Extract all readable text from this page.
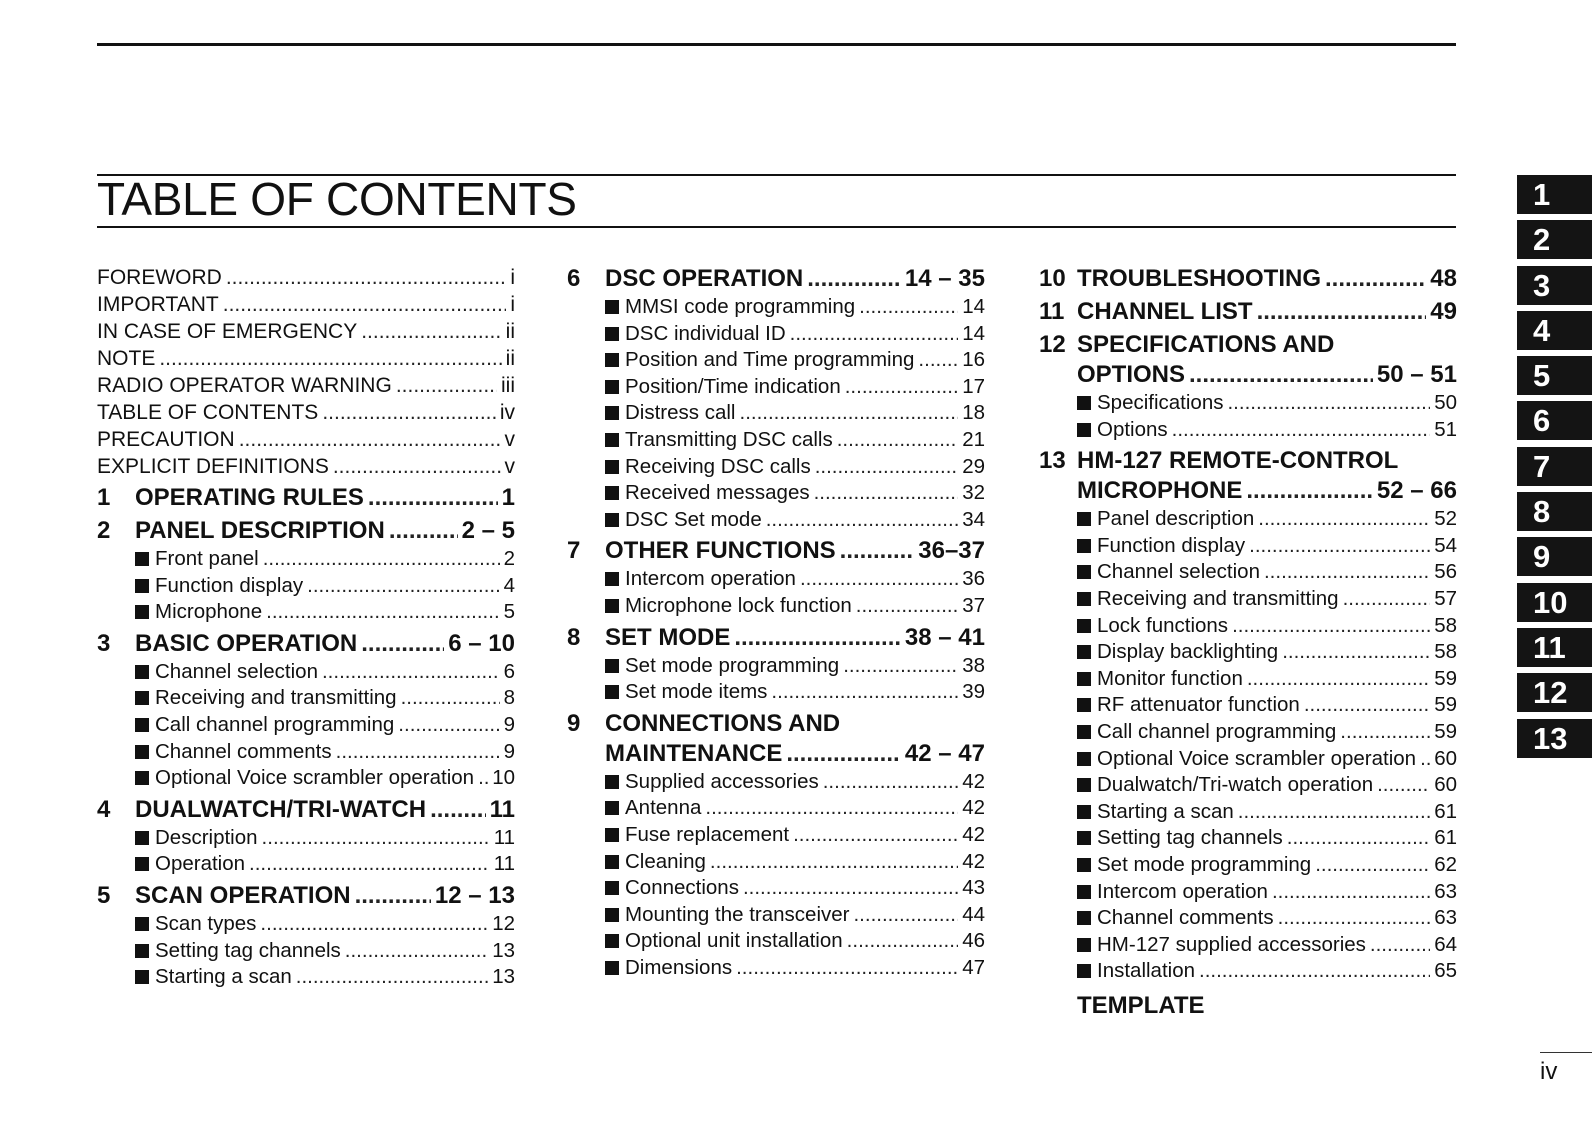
TABLE OF CONTENTS
FOREWORD .....	i
IMPORTANT .....	i
IN CASE OF EMERGENCY .....	ii
NOTE .....	ii
RADIO OPERATOR WARNING .....	iii
TABLE OF CONTENTS .....	iv
PRECAUTION .....	v
EXPLICIT DEFINITIONS .....	v
1	OPERATING RULES .....	1
2	PANEL DESCRIPTION .....	2 – 5
Front panel .....	2
Function display .....	4
Microphone .....	5
3	BASIC OPERATION .....	6 – 10
Channel selection .....	6
Receiving and transmitting .....	8
Call channel programming .....	9
Channel comments .....	9
Optional Voice scrambler operation ..... 10
4	DUALWATCH/TRI-WATCH .....	11
Description .....	11
Operation .....	11
5	SCAN OPERATION .....	12 – 13
Scan types .....	12
Setting tag channels .....	13
Starting a scan .....	13
6	DSC OPERATION .....	14 – 35
MMSI code programming .....	14
DSC individual ID .....	14
Position and Time programming ..... 16
Position/Time indication .....	17
Distress call .....	18
Transmitting DSC calls .....	21
Receiving DSC calls .....	29
Received messages .....	32
DSC Set mode .....	34
7	OTHER FUNCTIONS .....	36–37
Intercom operation .....	36
Microphone lock function .....	37
8	SET MODE .....	38 – 41
Set mode programming .....	38
Set mode items .....	39
9	CONNECTIONS AND
MAINTENANCE .....	42 – 47
Supplied accessories .....	42
Antenna .....	42
Fuse replacement .....	42
Cleaning .....	42
Connections .....	43
Mounting the transceiver .....	44
Optional unit installation .....	46
Dimensions .....	47
10 TROUBLESHOOTING .....	48
11 CHANNEL LIST .....	49
12 SPECIFICATIONS AND
OPTIONS .....	50 – 51
Specifications .....	50
Options .....	51
13 HM-127 REMOTE-CONTROL
MICROPHONE .....	52 – 66
Panel description .....	52
Function display .....	54
Channel selection .....	56
Receiving and transmitting .....	57
Lock functions .....	58
Display backlighting .....	58
Monitor function .....	59
RF attenuator function .....	59
Call channel programming .....	59
Optional Voice scrambler operation ..... 60
Dualwatch/Tri-watch operation .....	60
Starting a scan .....	61
Setting tag channels .....	61
Set mode programming .....	62
Intercom operation .....	63
Channel comments .....	63
HM-127 supplied accessories .....	64
Installation .....	65
TEMPLATE
1
2
3
4
5
6
7
8
9
10
11
12
13
iv
